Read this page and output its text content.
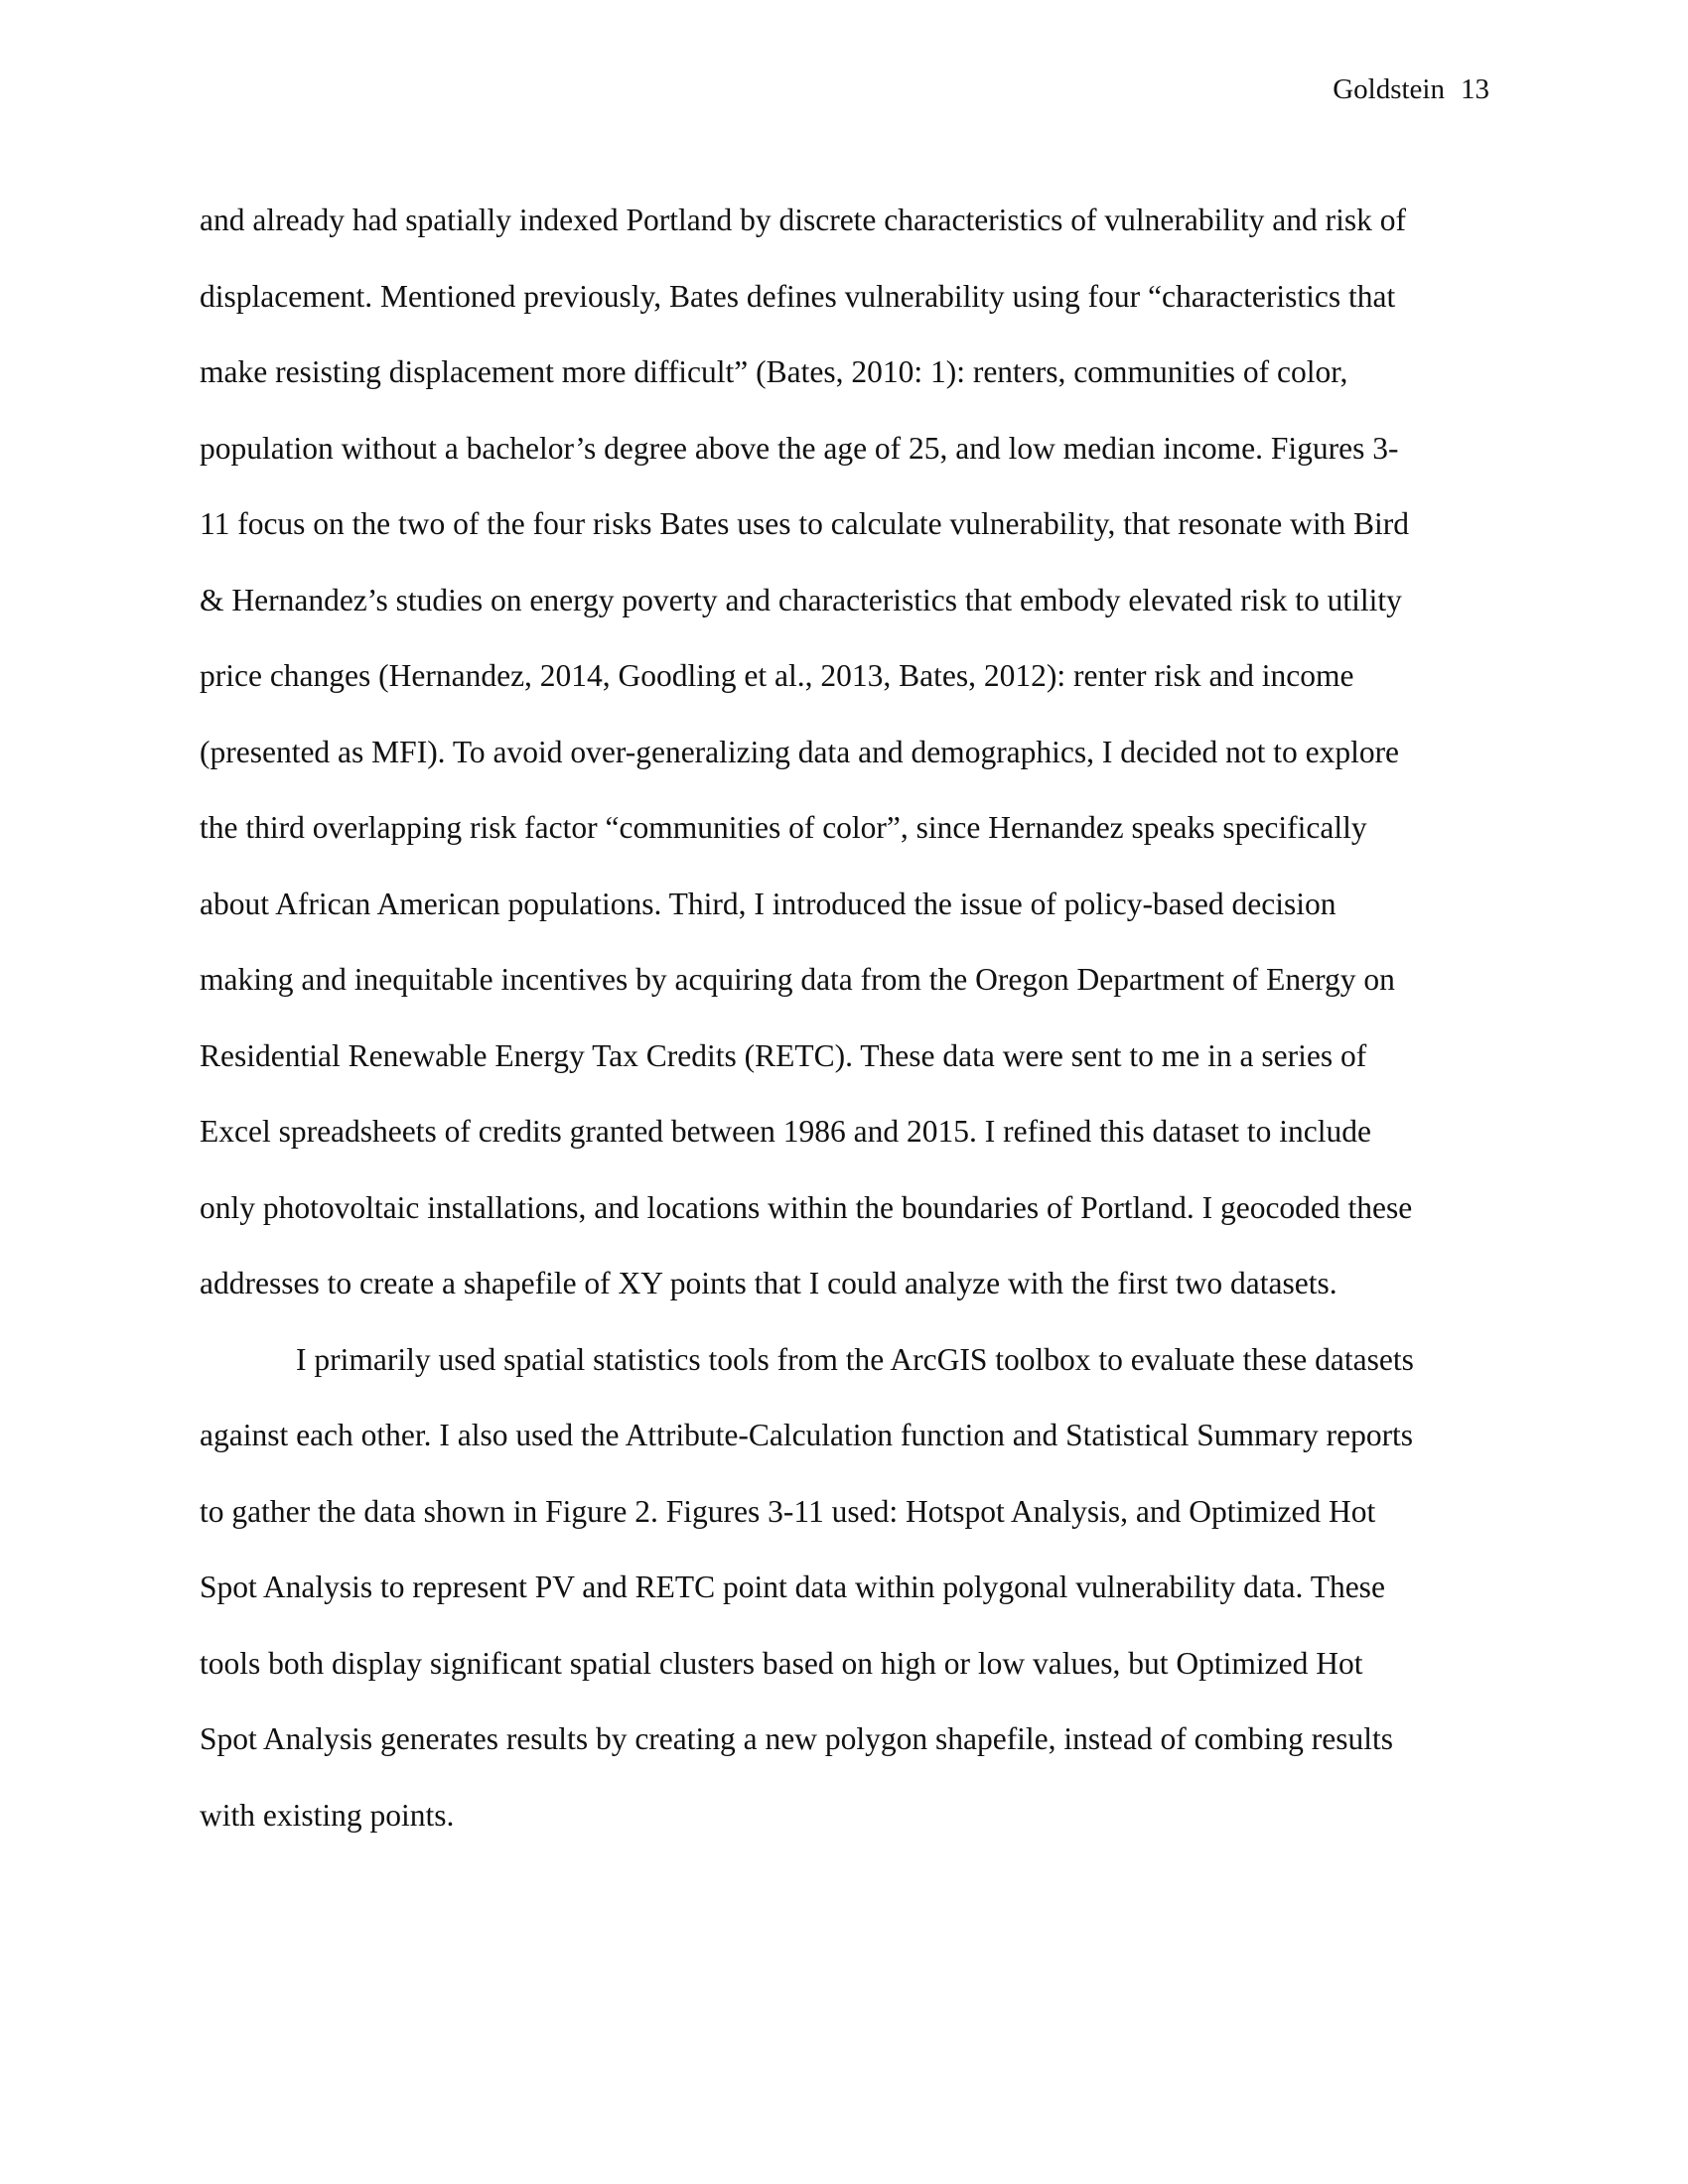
Goldstein 13
and already had spatially indexed Portland by discrete characteristics of vulnerability and risk of
displacement. Mentioned previously, Bates defines vulnerability using four “characteristics that
make resisting displacement more difficult” (Bates, 2010: 1): renters, communities of color,
population without a bachelor’s degree above the age of 25, and low median income. Figures 3-
11 focus on the two of the four risks Bates uses to calculate vulnerability, that resonate with Bird
& Hernandez’s studies on energy poverty and characteristics that embody elevated risk to utility
price changes (Hernandez, 2014, Goodling et al., 2013, Bates, 2012): renter risk and income
(presented as MFI). To avoid over-generalizing data and demographics, I decided not to explore
the third overlapping risk factor “communities of color”, since Hernandez speaks specifically
about African American populations. Third, I introduced the issue of policy-based decision
making and inequitable incentives by acquiring data from the Oregon Department of Energy on
Residential Renewable Energy Tax Credits (RETC). These data were sent to me in a series of
Excel spreadsheets of credits granted between 1986 and 2015. I refined this dataset to include
only photovoltaic installations, and locations within the boundaries of Portland. I geocoded these
addresses to create a shapefile of XY points that I could analyze with the first two datasets.
I primarily used spatial statistics tools from the ArcGIS toolbox to evaluate these datasets
against each other. I also used the Attribute-Calculation function and Statistical Summary reports
to gather the data shown in Figure 2. Figures 3-11 used: Hotspot Analysis, and Optimized Hot
Spot Analysis to represent PV and RETC point data within polygonal vulnerability data. These
tools both display significant spatial clusters based on high or low values, but Optimized Hot
Spot Analysis generates results by creating a new polygon shapefile, instead of combing results
with existing points.
